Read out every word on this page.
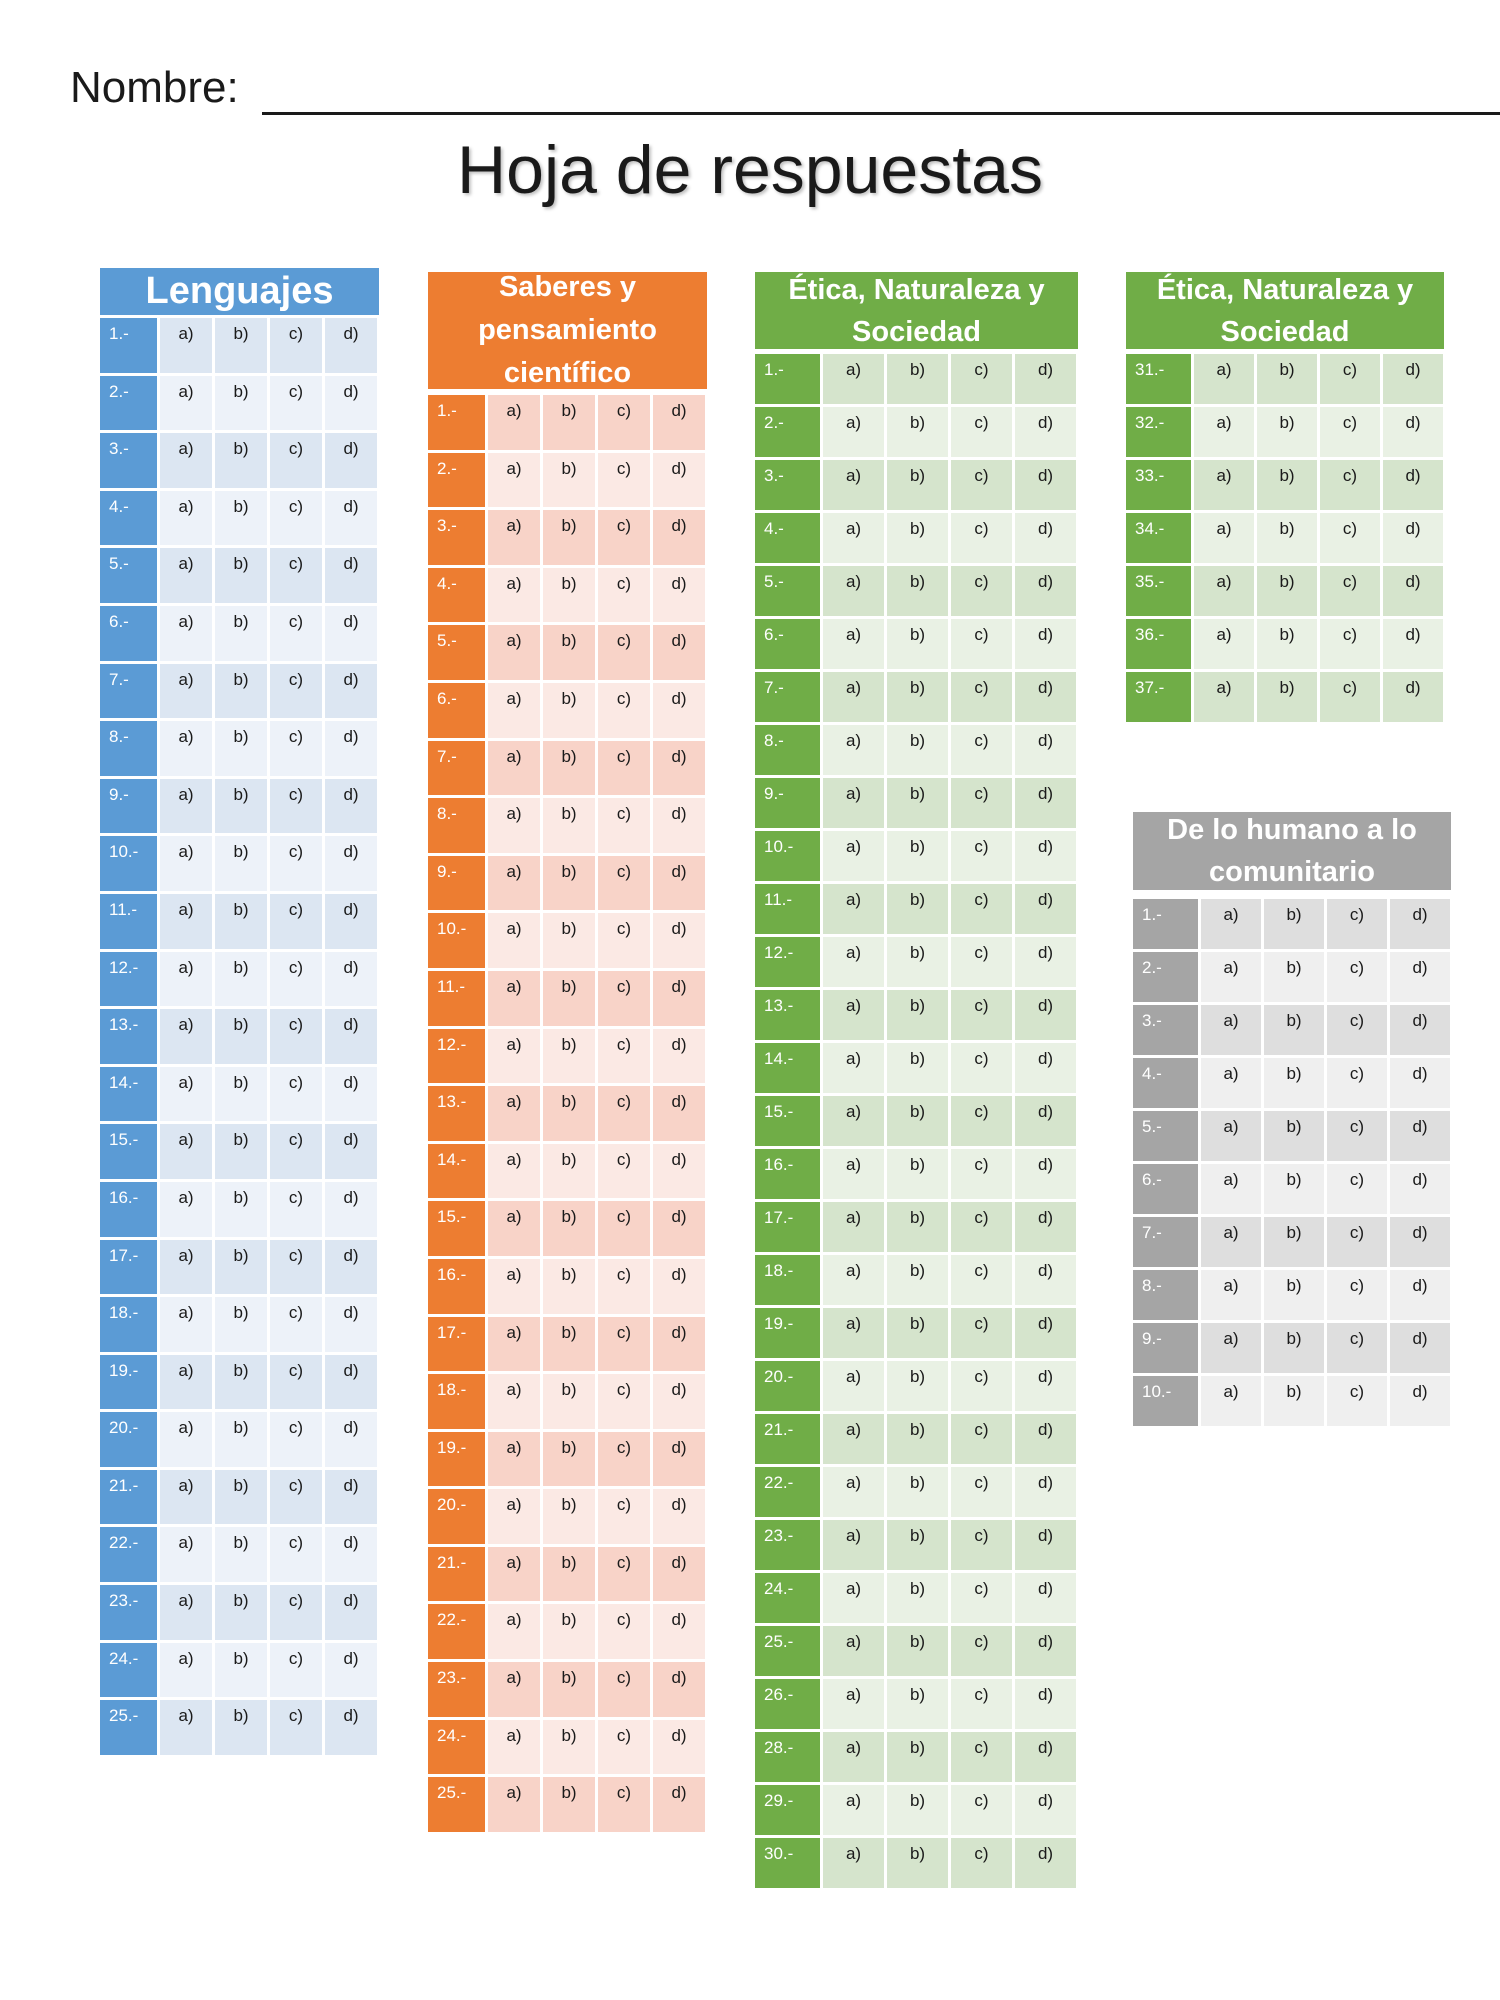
Nombre:
Hoja de respuestas
Lenguajes
1.-	a)	b)	c)	d)
2.-	a)	b)	c)	d)
3.-	a)	b)	c)	d)
4.-	a)	b)	c)	d)
5.-	a)	b)	c)	d)
6.-	a)	b)	c)	d)
7.-	a)	b)	c)	d)
8.-	a)	b)	c)	d)
9.-	a)	b)	c)	d)
10.-	a)	b)	c)	d)
11.-	a)	b)	c)	d)
12.-	a)	b)	c)	d)
13.-	a)	b)	c)	d)
14.-	a)	b)	c)	d)
15.-	a)	b)	c)	d)
16.-	a)	b)	c)	d)
17.-	a)	b)	c)	d)
18.-	a)	b)	c)	d)
19.-	a)	b)	c)	d)
20.-	a)	b)	c)	d)
21.-	a)	b)	c)	d)
22.-	a)	b)	c)	d)
23.-	a)	b)	c)	d)
24.-	a)	b)	c)	d)
25.-	a)	b)	c)	d)
Saberes y
pensamiento
científico
1.-	a)	b)	c)	d)
2.-	a)	b)	c)	d)
3.-	a)	b)	c)	d)
4.-	a)	b)	c)	d)
5.-	a)	b)	c)	d)
6.-	a)	b)	c)	d)
7.-	a)	b)	c)	d)
8.-	a)	b)	c)	d)
9.-	a)	b)	c)	d)
10.-	a)	b)	c)	d)
11.-	a)	b)	c)	d)
12.-	a)	b)	c)	d)
13.-	a)	b)	c)	d)
14.-	a)	b)	c)	d)
15.-	a)	b)	c)	d)
16.-	a)	b)	c)	d)
17.-	a)	b)	c)	d)
18.-	a)	b)	c)	d)
19.-	a)	b)	c)	d)
20.-	a)	b)	c)	d)
21.-	a)	b)	c)	d)
22.-	a)	b)	c)	d)
23.-	a)	b)	c)	d)
24.-	a)	b)	c)	d)
25.-	a)	b)	c)	d)
Ética, Naturaleza y
Sociedad
1.-	a)	b)	c)	d)
2.-	a)	b)	c)	d)
3.-	a)	b)	c)	d)
4.-	a)	b)	c)	d)
5.-	a)	b)	c)	d)
6.-	a)	b)	c)	d)
7.-	a)	b)	c)	d)
8.-	a)	b)	c)	d)
9.-	a)	b)	c)	d)
10.-	a)	b)	c)	d)
11.-	a)	b)	c)	d)
12.-	a)	b)	c)	d)
13.-	a)	b)	c)	d)
14.-	a)	b)	c)	d)
15.-	a)	b)	c)	d)
16.-	a)	b)	c)	d)
17.-	a)	b)	c)	d)
18.-	a)	b)	c)	d)
19.-	a)	b)	c)	d)
20.-	a)	b)	c)	d)
21.-	a)	b)	c)	d)
22.-	a)	b)	c)	d)
23.-	a)	b)	c)	d)
24.-	a)	b)	c)	d)
25.-	a)	b)	c)	d)
26.-	a)	b)	c)	d)
28.-	a)	b)	c)	d)
29.-	a)	b)	c)	d)
30.-	a)	b)	c)	d)
Ética, Naturaleza y
Sociedad
31.-	a)	b)	c)	d)
32.-	a)	b)	c)	d)
33.-	a)	b)	c)	d)
34.-	a)	b)	c)	d)
35.-	a)	b)	c)	d)
36.-	a)	b)	c)	d)
37.-	a)	b)	c)	d)
De lo humano a lo
comunitario
1.-	a)	b)	c)	d)
2.-	a)	b)	c)	d)
3.-	a)	b)	c)	d)
4.-	a)	b)	c)	d)
5.-	a)	b)	c)	d)
6.-	a)	b)	c)	d)
7.-	a)	b)	c)	d)
8.-	a)	b)	c)	d)
9.-	a)	b)	c)	d)
10.-	a)	b)	c)	d)
